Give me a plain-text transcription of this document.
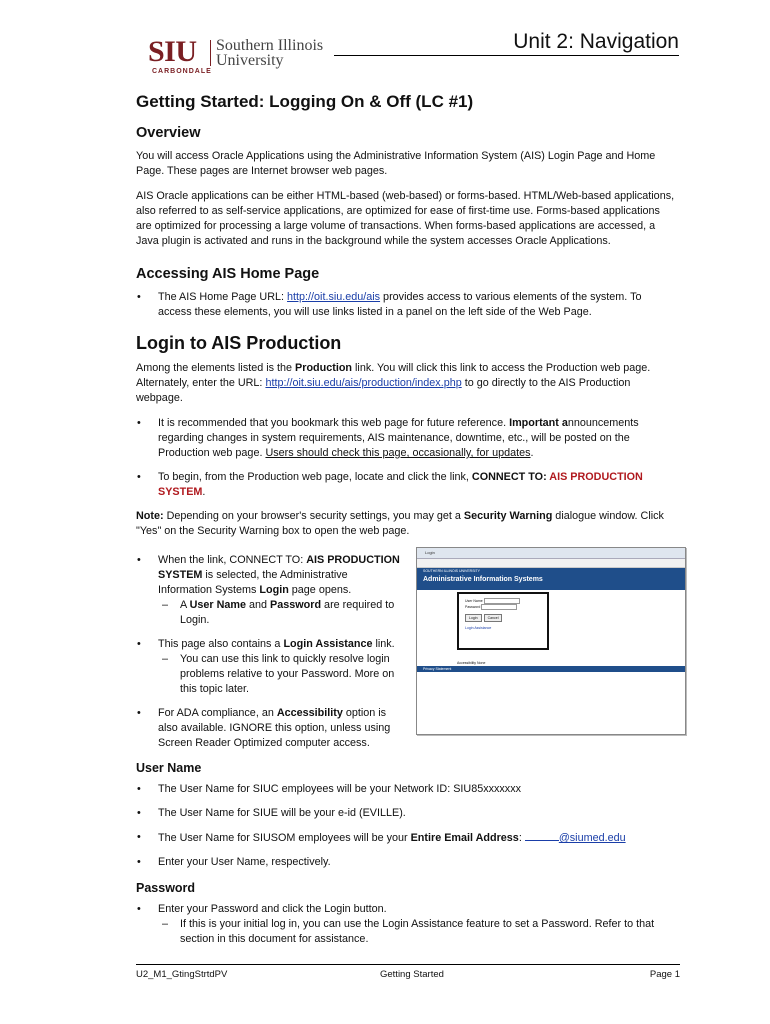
SIU Southern Illinois
University
CARBONDALE
Unit 2: Navigation
Getting Started: Logging On & Off (LC #1)
Overview

You will access Oracle Applications using the Administrative Information System (AIS) Login Page and Home Page. These pages are Internet browser web pages.

AIS Oracle applications can be either HTML-based (web-based) or forms-based. HTML/Web-based applications, also referred to as self-service applications, are optimized for ease of first-time use. Forms-based applications are optimized for processing a large volume of transactions. When forms-based applications are accessed, a Java plugin is activated and runs in the background while the system accesses Oracle Applications.

Accessing AIS Home Page
• The AIS Home Page URL: http://oit.siu.edu/ais provides access to various elements of the system. To access these elements, you will use links listed in a panel on the left side of the Web Page.
Login to AIS Production

Among the elements listed is the Production link. You will click this link to access the Production web page. Alternately, enter the URL: http://oit.siu.edu/ais/production/index.php to go directly to the AIS Production webpage.

• It is recommended that you bookmark this web page for future reference. Important announcements regarding changes in system requirements, AIS maintenance, downtime, etc., will be posted on the Production web page. Users should check this page, occasionally, for updates.
• To begin, from the Production web page, locate and click the link, CONNECT TO: AIS PRODUCTION SYSTEM.

Note: Depending on your browser's security settings, you may get a Security Warning dialogue window. Click "Yes" on the Security Warning box to open the web page.

• When the link, CONNECT TO: AIS PRODUCTION SYSTEM is selected, the Administrative Information Systems Login page opens.
– A User Name and Password are required to Login.
• This page also contains a Login Assistance link.
– You can use this link to quickly resolve login problems relative to your Password. More on this topic later.
• For ADA compliance, an Accessibility option is also available. IGNORE this option, unless using Screen Reader Optimized computer access.
Login
SOUTHERN ILLINOIS UNIVERSITY
Administrative Information Systems
User Name
Password
Login	Cancel
Login Assistance
Accessibility None
Privacy Statement
User Name
• The User Name for SIUC employees will be your Network ID: SIU85xxxxxxx
• The User Name for SIUE will be your e-id (EVILLE).
• The User Name for SIUSOM employees will be your Entire Email Address:	@siumed.edu
• Enter your User Name, respectively.
Password
• Enter your Password and click the Login button.
– If this is your initial log in, you can use the Login Assistance feature to set a Password. Refer to that section in this document for assistance.
U2_M1_GtingStrtdPV	Getting Started	Page 1
